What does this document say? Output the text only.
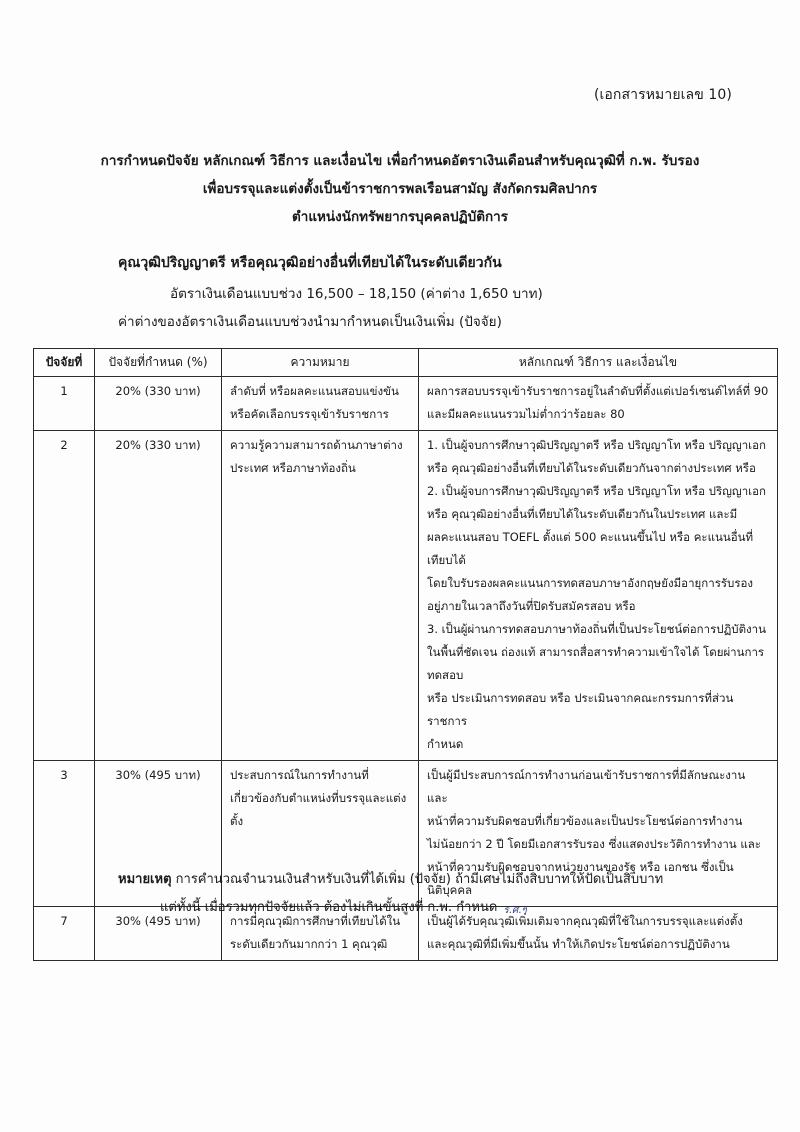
(เอกสารหมายเลข 10)
การกำหนดปัจจัย หลักเกณฑ์ วิธีการ และเงื่อนไข เพื่อกำหนดอัตราเงินเดือนสำหรับคุณวุฒิที่ ก.พ. รับรอง
เพื่อบรรจุและแต่งตั้งเป็นข้าราชการพลเรือนสามัญ สังกัดกรมศิลปากร
ตำแหน่งนักทรัพยากรบุคคลปฏิบัติการ
คุณวุฒิปริญญาตรี หรือคุณวุฒิอย่างอื่นที่เทียบได้ในระดับเดียวกัน
อัตราเงินเดือนแบบช่วง 16,500 – 18,150 (ค่าต่าง 1,650 บาท)
ค่าต่างของอัตราเงินเดือนแบบช่วงนำมากำหนดเป็นเงินเพิ่ม (ปัจจัย)
ปัจจัยที่	ปัจจัยที่กำหนด (%)	ความหมาย	หลักเกณฑ์ วิธีการ และเงื่อนไข
1	20% (330 บาท)	ลำดับที่ หรือผลคะแนนสอบแข่งขัน หรือคัดเลือกบรรจุเข้ารับราชการ	ผลการสอบบรรจุเข้ารับราชการอยู่ในลำดับที่ตั้งแต่เปอร์เซนต์ไทล์ที่ 90
และมีผลคะแนนรวมไม่ต่ำกว่าร้อยละ 80

2	20% (330 บาท)	ความรู้ความสามารถด้านภาษาต่างประเทศ หรือภาษาท้องถิ่น	
1. เป็นผู้จบการศึกษาวุฒิปริญญาตรี หรือ ปริญญาโท หรือ ปริญญาเอก
หรือ คุณวุฒิอย่างอื่นที่เทียบได้ในระดับเดียวกันจากต่างประเทศ หรือ
2. เป็นผู้จบการศึกษาวุฒิปริญญาตรี หรือ ปริญญาโท หรือ ปริญญาเอก
หรือ คุณวุฒิอย่างอื่นที่เทียบได้ในระดับเดียวกันในประเทศ และมี
ผลคะแนนสอบ TOEFL ตั้งแต่ 500 คะแนนขึ้นไป หรือ คะแนนอื่นที่เทียบได้
โดยใบรับรองผลคะแนนการทดสอบภาษาอังกฤษยังมีอายุการรับรอง
อยู่ภายในเวลาถึงวันที่ปิดรับสมัครสอบ หรือ
3. เป็นผู้ผ่านการทดสอบภาษาท้องถิ่นที่เป็นประโยชน์ต่อการปฏิบัติงาน
ในพื้นที่ชัดเจน ถ่องแท้ สามารถสื่อสารทำความเข้าใจได้ โดยผ่านการทดสอบ
หรือ ประเมินการทดสอบ หรือ ประเมินจากคณะกรรมการที่ส่วนราชการ
กำหนด

3	30% (495 บาท)	ประสบการณ์ในการทำงานที่เกี่ยวข้องกับตำแหน่งที่บรรจุและแต่งตั้ง	เป็นผู้มีประสบการณ์การทำงานก่อนเข้ารับราชการที่มีลักษณะงาน และ
หน้าที่ความรับผิดชอบที่เกี่ยวข้องและเป็นประโยชน์ต่อการทำงาน
ไม่น้อยกว่า 2 ปี โดยมีเอกสารรับรอง ซึ่งแสดงประวัติการทำงาน และ
หน้าที่ความรับผิดชอบจากหน่วยงานของรัฐ หรือ เอกชน ซึ่งเป็นนิติบุคคล

7	30% (495 บาท)	การมีคุณวุฒิการศึกษาที่เทียบได้ในระดับเดียวกันมากกว่า 1 คุณวุฒิ	เป็นผู้ได้รับคุณวุฒิเพิ่มเติมจากคุณวุฒิที่ใช้ในการบรรจุและแต่งตั้ง
และคุณวุฒิที่มีเพิ่มขึ้นนั้น ทำให้เกิดประโยชน์ต่อการปฏิบัติงาน
หมายเหตุ การคำนวณจำนวนเงินสำหรับเงินที่ได้เพิ่ม (ปัจจัย) ถ้ามีเศษไม่ถึงสิบบาทให้ปัดเป็นสิบบาท
แต่ทั้งนี้ เมื่อรวมทุกปัจจัยแล้ว ต้องไม่เกินขั้นสูงที่ ก.พ. กำหนด ร.ศ.ๆ
